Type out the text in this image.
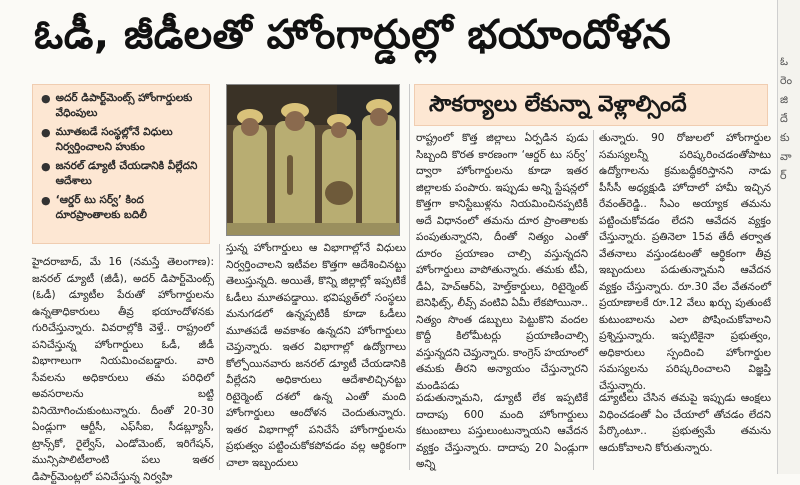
ఓడీ, జీడీలతో హోంగార్డుల్లో భయాందోళన
ఓ రెం జి దే కు వా ర్
● అదర్ డిపార్ట్‌మెంట్స్ హోంగార్డులకు వేధింపులు
● మూతబడే సంస్థల్లోనే విధులు నిర్వర్తించాలని హుకుం
● జనరల్ డ్యూటీ చేయడానికి వీల్లేదని ఆదేశాలు
● ‘ఆర్డర్ టు సర్వ్’ కింద దూరప్రాంతాలకు బదిలీ
సౌకర్యాలు లేకున్నా వెళ్లాల్సిందే

హైదరాబాద్, మే 16 (నమస్తే తెలంగాణ): జనరల్ డ్యూటీ (జీడీ), అదర్ డిపార్ట్‌మెంట్స్ (ఓడీ) డ్యూటీల పేరుతో హోంగార్డులను ఉన్నతాధికారులు తీవ్ర భయాందోళనకు గురిచేస్తున్నారు. వివరాల్లోకి వెళ్తే.. రాష్ట్రంలో పనిచేస్తున్న హోంగార్డులు ఓడీ, జీడీ విభాగాలుగా నియమించబడ్డారు. వారి సేవలను అధికారులు తమ పరిధిలో అవసరాలను బట్టి వినియోగించుకుంటున్నారు. దీంతో 20-30 ఏండ్లుగా ఆర్టీసీ, ఎఫ్‌సీఐ, సీడబ్ల్యూసీ, ట్రాన్స్‌కో, రైల్వేస్, ఎండోమెంట్, ఇరిగేషన్, మున్సిపాలిటీలాంటి పలు ఇతర డిపార్ట్‌మెంట్లలో పనిచేస్తున్న నిర్వహి

స్తున్న హోంగార్డులు ఆ విభాగాల్లోనే విధులు నిర్వర్తించాలని ఇటీవల కొత్తగా ఆదేశించినట్టు తెలుస్తున్నది. అయితే, కొన్ని జిల్లాల్లో ఇప్పటికే ఓడీలు మూతపడ్డాయి. భవిష్యత్‌లో సంస్థలు మనుగడలో ఉన్నప్పటికీ కూడా ఓడీలు మూతపడే అవకాశం ఉన్నదని హోంగార్డులు చెప్తున్నారు. ఇతర విభాగాల్లో ఉద్యోగాలు కోల్పోయినవారు జనరల్ డ్యూటీ చేయడానికి వీల్లేదని అధికారులు ఆదేశాలిచ్చినట్టు రిటైర్మెంట్ దశలో ఉన్న ఎంతో మంది హోంగార్డులు ఆందోళన చెందుతున్నారు. ఇతర విభాగాల్లో పనిచేసే హోంగార్డులను ప్రభుత్వం పట్టించుకోకపోవడం వల్ల ఆర్థికంగా చాలా ఇబ్బందులు

పడుతున్నామని, డ్యూటీ లేక ఇప్పటికే దాదాపు 600 మంది హోంగార్డులు కటుంబాలు పస్తులుంటున్నాయని ఆవేదన వ్యక్తం చేస్తున్నారు. దాదాపు 20 ఏండ్లుగా అన్ని

రాష్ట్రంలో కొత్త జిల్లాలు ఏర్పడిన పుడు సిబ్బంది కొరత కారణంగా ‘ఆర్డర్ టు సర్వ్’ ద్వారా హోంగార్డులను కూడా ఇతర జిల్లాలకు పంపారు. ఇప్పుడు అన్ని స్టేషన్లలో కొత్తగా కానిస్టేబుళ్లను నియమించినప్పటికీ అదే విధానంలో తమను దూర ప్రాంతాలకు పంపుతున్నారని, దీంతో నిత్యం ఎంతో దూరం ప్రయాణం చాల్సి వస్తున్నదని హోంగార్డులు వాపోతున్నారు. తమకు టీఏ, డీఏ, హెచ్‌ఆర్‌ఏ, హెల్త్‌కార్డులు, రిటైర్మెంట్ బెనిఫిట్స్, లీవ్స్ వంటివి ఏమీ లేకపోయినా.. నిత్యం సొంత డబ్బులు పెట్టుకొని వందల కొద్దీ కిలోమీటర్లు ప్రయాణించాల్సి వస్తున్నదని చెప్తున్నారు. కాంగ్రెస్ హయాంలో తమకు తీరని అన్యాయం చేస్తున్నారని మండిపడు

తున్నారు. 90 రోజులలో హోంగార్డుల సమస్యలన్నీ పరిష్కరించడంతోపాటు ఉద్యోగాలను క్రమబద్ధీకరిస్తానని నాడు పీసీసీ అధ్యక్షుడి హోదాలో హామీ ఇచ్చిన రేవంత్‌రెడ్డి.. సీఎం అయ్యాక తమను పట్టించుకోవడం లేదని ఆవేదన వ్యక్తం చేస్తున్నారు. ప్రతినెలా 15వ తేదీ తర్వాత వేతనాలు వస్తుండటంతో ఆర్థికంగా తీవ్ర ఇబ్బందులు పడుతున్నామని ఆవేదన వ్యక్తం చేస్తున్నారు. రూ.30 వేల వేతనంలో ప్రయాణాలకే రూ.12 వేలు ఖర్చు పుతుంటే కుటుంబాలను ఎలా పోషించుకోవాలని ప్రశ్నిస్తున్నారు. ఇప్పటికైనా ప్రభుత్వం, అధికారులు స్పందించి హోంగార్డుల సమస్యలను పరిష్కరించాలని విజ్ఞప్తి చేస్తున్నారు.

డ్యూటీలు చేసిన తమపై ఇప్పుడు ఆంక్షలు విధించడంతో ఏం చేయాలో తోచడం లేదని పేర్కొంటూ.. ప్రభుత్వమే తమను ఆదుకోవాలని కోరుతున్నారు.
